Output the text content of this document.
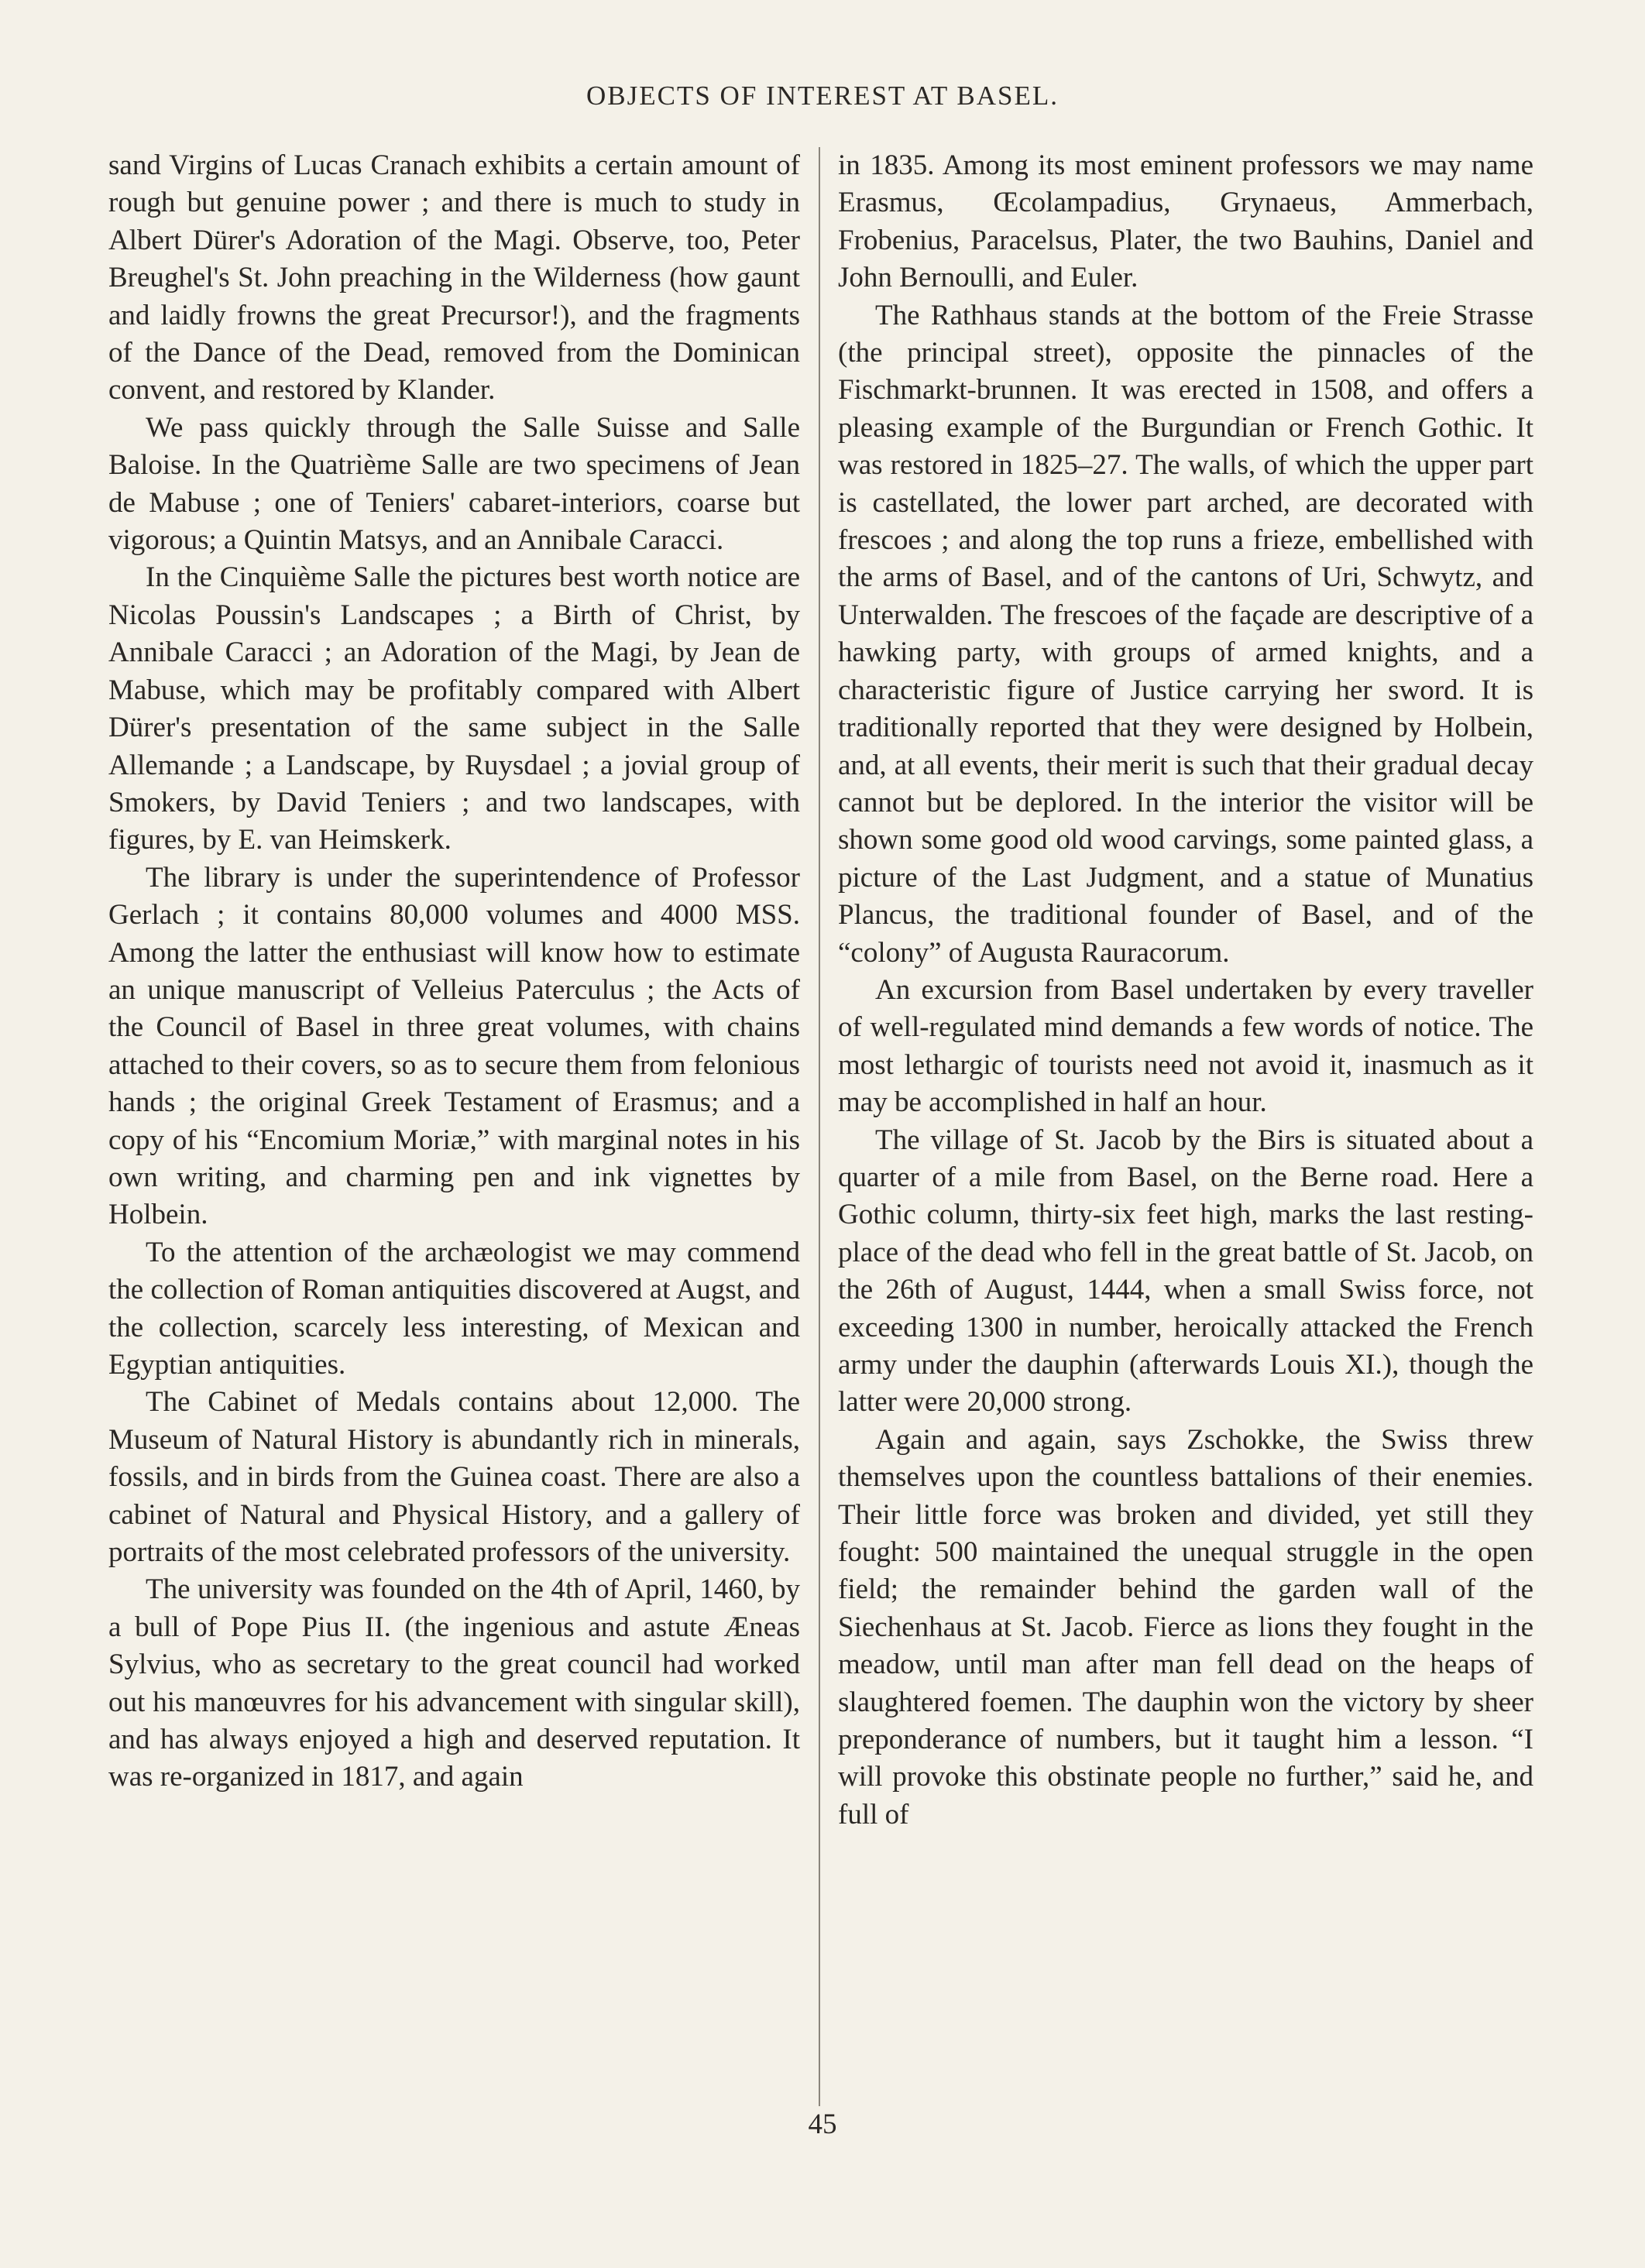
OBJECTS OF INTEREST AT BASEL.

sand Virgins of Lucas Cranach exhibits a certain amount of rough but genuine power ; and there is much to study in Albert Dürer's Adoration of the Magi. Observe, too, Peter Breughel's St. John preaching in the Wilderness (how gaunt and laidly frowns the great Precursor!), and the fragments of the Dance of the Dead, removed from the Dominican convent, and restored by Klander.

We pass quickly through the Salle Suisse and Salle Baloise. In the Quatrième Salle are two specimens of Jean de Mabuse ; one of Teniers' cabaret-interiors, coarse but vigorous; a Quintin Matsys, and an Annibale Caracci.

In the Cinquième Salle the pictures best worth notice are Nicolas Poussin's Landscapes ; a Birth of Christ, by Annibale Caracci ; an Adoration of the Magi, by Jean de Mabuse, which may be profitably compared with Albert Dürer's presentation of the same subject in the Salle Allemande ; a Landscape, by Ruysdael ; a jovial group of Smokers, by David Teniers ; and two landscapes, with figures, by E. van Heimskerk.

The library is under the superintendence of Professor Gerlach ; it contains 80,000 volumes and 4000 MSS. Among the latter the enthusiast will know how to estimate an unique manuscript of Velleius Paterculus ; the Acts of the Council of Basel in three great volumes, with chains attached to their covers, so as to secure them from felonious hands ; the original Greek Testament of Erasmus; and a copy of his “Encomium Moriæ,” with marginal notes in his own writing, and charming pen and ink vignettes by Holbein.

To the attention of the archæologist we may commend the collection of Roman antiquities discovered at Augst, and the collection, scarcely less interesting, of Mexican and Egyptian antiquities.

The Cabinet of Medals contains about 12,000. The Museum of Natural History is abundantly rich in minerals, fossils, and in birds from the Guinea coast. There are also a cabinet of Natural and Physical History, and a gallery of portraits of the most celebrated professors of the university.

The university was founded on the 4th of April, 1460, by a bull of Pope Pius II. (the ingenious and astute Æneas Sylvius, who as secretary to the great council had worked out his manœuvres for his advancement with singular skill), and has always enjoyed a high and deserved reputation. It was re-organized in 1817, and again

in 1835. Among its most eminent professors we may name Erasmus, Œcolampadius, Grynaeus, Ammerbach, Frobenius, Paracelsus, Plater, the two Bauhins, Daniel and John Bernoulli, and Euler.

The Rathhaus stands at the bottom of the Freie Strasse (the principal street), opposite the pinnacles of the Fischmarkt-brunnen. It was erected in 1508, and offers a pleasing example of the Burgundian or French Gothic. It was restored in 1825–27. The walls, of which the upper part is castellated, the lower part arched, are decorated with frescoes ; and along the top runs a frieze, embellished with the arms of Basel, and of the cantons of Uri, Schwytz, and Unterwalden. The frescoes of the façade are descriptive of a hawking party, with groups of armed knights, and a characteristic figure of Justice carrying her sword. It is traditionally reported that they were designed by Holbein, and, at all events, their merit is such that their gradual decay cannot but be deplored. In the interior the visitor will be shown some good old wood carvings, some painted glass, a picture of the Last Judgment, and a statue of Munatius Plancus, the traditional founder of Basel, and of the “colony” of Augusta Rauracorum.

An excursion from Basel undertaken by every traveller of well-regulated mind demands a few words of notice. The most lethargic of tourists need not avoid it, inasmuch as it may be accomplished in half an hour.

The village of St. Jacob by the Birs is situated about a quarter of a mile from Basel, on the Berne road. Here a Gothic column, thirty-six feet high, marks the last resting-place of the dead who fell in the great battle of St. Jacob, on the 26th of August, 1444, when a small Swiss force, not exceeding 1300 in number, heroically attacked the French army under the dauphin (afterwards Louis XI.), though the latter were 20,000 strong.

Again and again, says Zschokke, the Swiss threw themselves upon the countless battalions of their enemies. Their little force was broken and divided, yet still they fought: 500 maintained the unequal struggle in the open field; the remainder behind the garden wall of the Siechenhaus at St. Jacob. Fierce as lions they fought in the meadow, until man after man fell dead on the heaps of slaughtered foemen. The dauphin won the victory by sheer preponderance of numbers, but it taught him a lesson. “I will provoke this obstinate people no further,” said he, and full of

45
